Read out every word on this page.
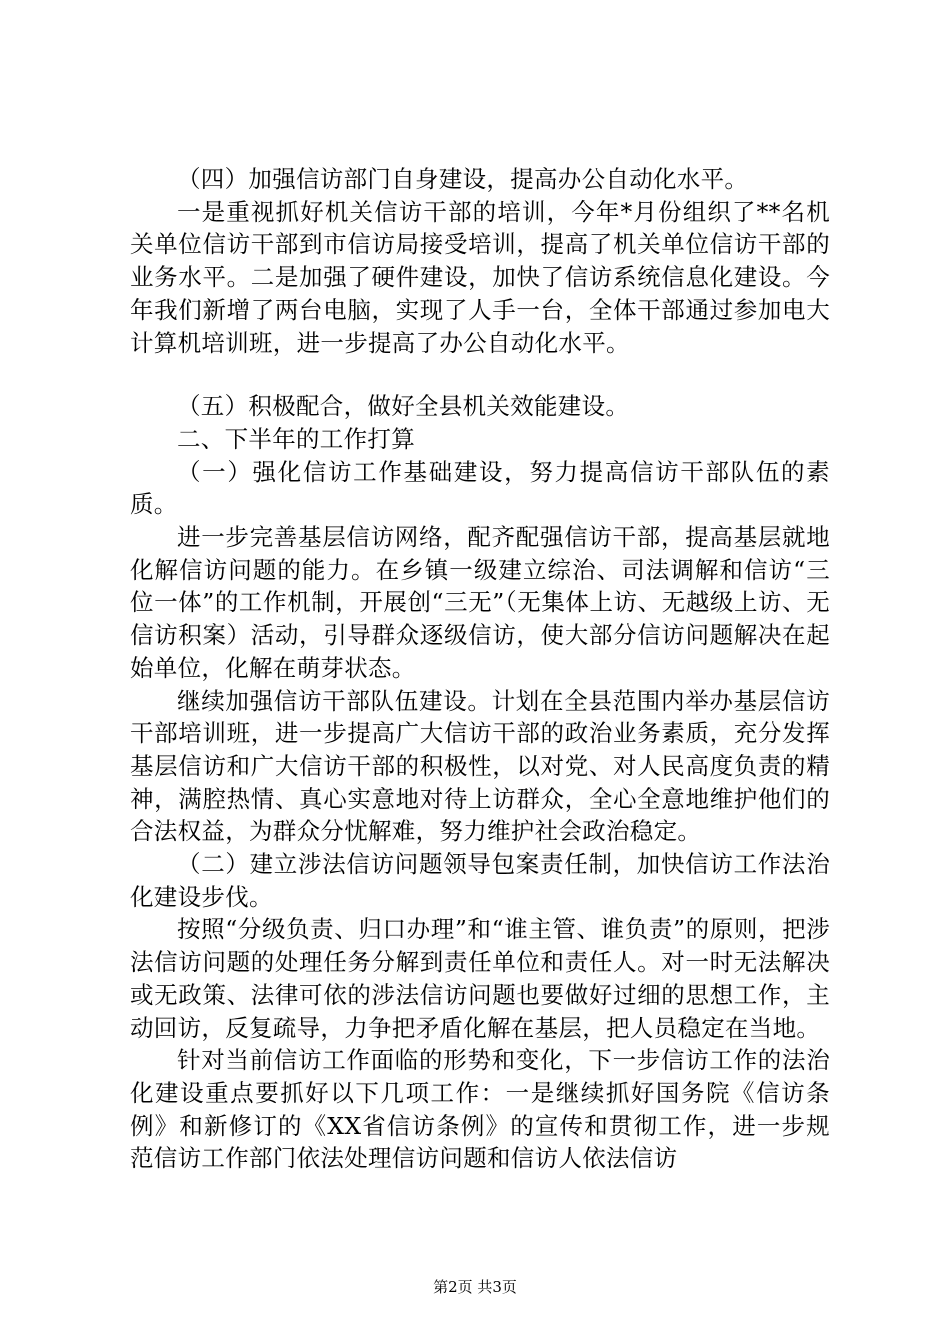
（四）加强信访部门自身建设，提高办公自动化水平。

一是重视抓好机关信访干部的培训，今年*月份组织了**名机关单位信访干部到市信访局接受培训，提高了机关单位信访干部的业务水平。二是加强了硬件建设，加快了信访系统信息化建设。今年我们新增了两台电脑，实现了人手一台，全体干部通过参加电大计算机培训班，进一步提高了办公自动化水平。

（五）积极配合，做好全县机关效能建设。

二、下半年的工作打算

（一）强化信访工作基础建设，努力提高信访干部队伍的素质。

进一步完善基层信访网络，配齐配强信访干部，提高基层就地化解信访问题的能力。在乡镇一级建立综治、司法调解和信访“三位一体”的工作机制，开展创“三无”（无集体上访、无越级上访、无信访积案）活动，引导群众逐级信访，使大部分信访问题解决在起始单位，化解在萌芽状态。

继续加强信访干部队伍建设。计划在全县范围内举办基层信访干部培训班，进一步提高广大信访干部的政治业务素质，充分发挥基层信访和广大信访干部的积极性，以对党、对人民高度负责的精神，满腔热情、真心实意地对待上访群众，全心全意地维护他们的合法权益，为群众分忧解难，努力维护社会政治稳定。

（二）建立涉法信访问题领导包案责任制，加快信访工作法治化建设步伐。

按照“分级负责、归口办理”和“谁主管、谁负责”的原则，把涉法信访问题的处理任务分解到责任单位和责任人。对一时无法解决或无政策、法律可依的涉法信访问题也要做好过细的思想工作，主动回访，反复疏导，力争把矛盾化解在基层，把人员稳定在当地。

针对当前信访工作面临的形势和变化，下一步信访工作的法治化建设重点要抓好以下几项工作：一是继续抓好国务院《信访条例》和新修订的《XX省信访条例》的宣传和贯彻工作，进一步规范信访工作部门依法处理信访问题和信访人依法信访

第2页 共3页
